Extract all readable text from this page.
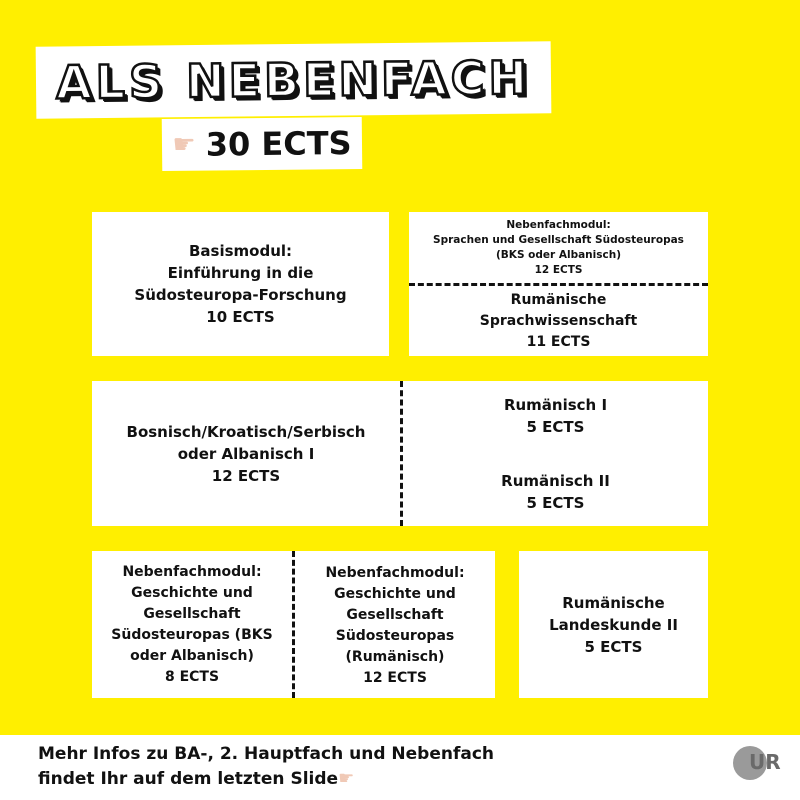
ALS NEBENFACH
☛ 30 ECTS
Basismodul:
Einführung in die
Südosteuropa-Forschung
10 ECTS
Nebenfachmodul:
Sprachen und Gesellschaft Südosteuropas
(BKS oder Albanisch)
12 ECTS
Rumänische
Sprachwissenschaft
11 ECTS
Bosnisch/Kroatisch/Serbisch
oder Albanisch I
12 ECTS
Rumänisch I
5 ECTS
Rumänisch II
5 ECTS
Nebenfachmodul:
Geschichte und
Gesellschaft
Südosteuropas (BKS
oder Albanisch)
8 ECTS
Nebenfachmodul:
Geschichte und
Gesellschaft
Südosteuropas
(Rumänisch)
12 ECTS
Rumänische
Landeskunde II
5 ECTS
Mehr Infos zu BA-, 2. Hauptfach und Nebenfach
findet Ihr auf dem letzten Slide☛
UR
